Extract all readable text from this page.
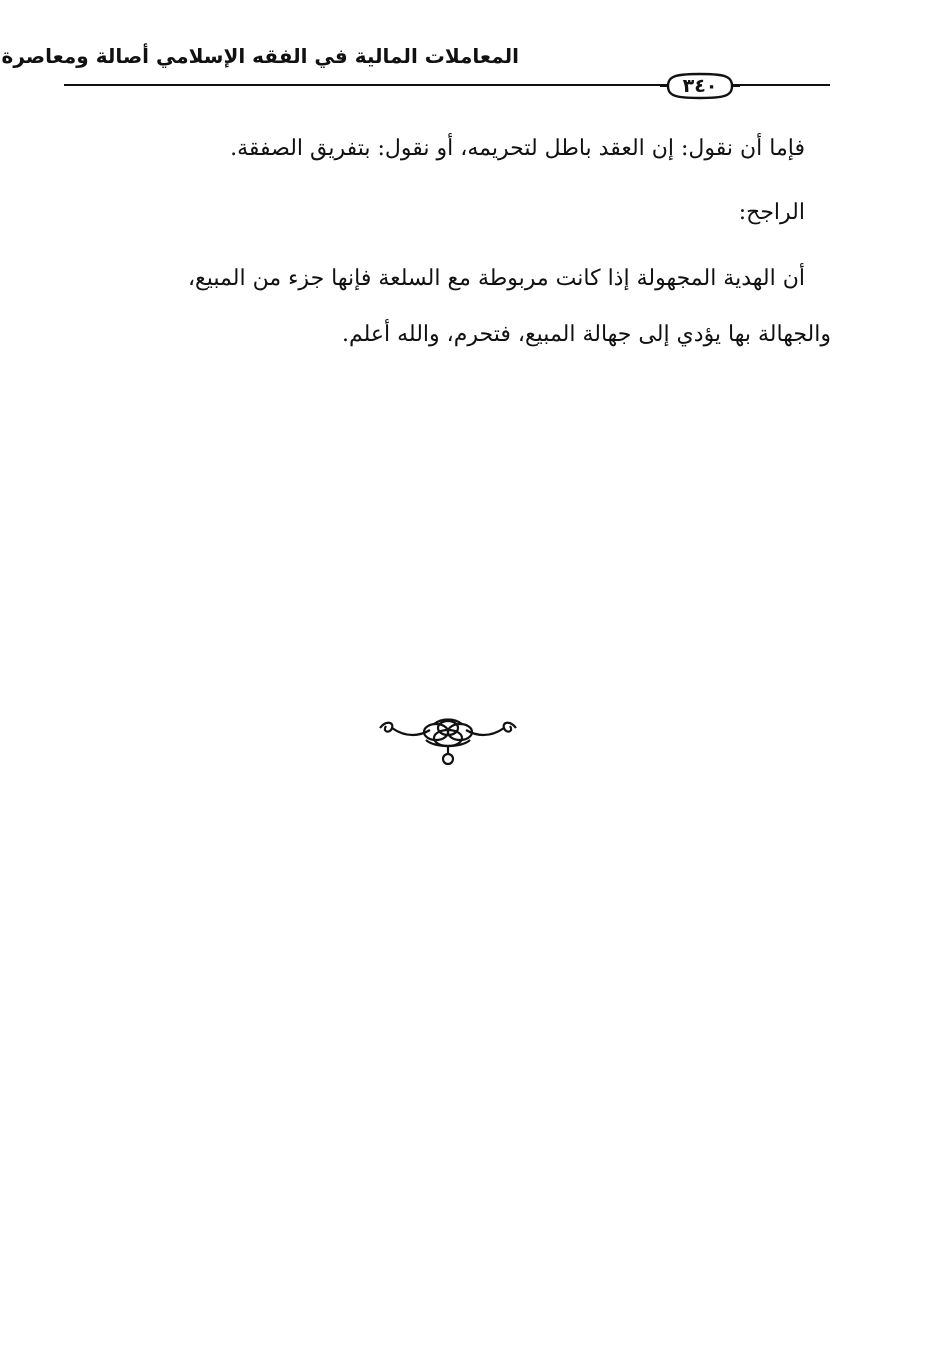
المعاملات المالية في الفقه الإسلامي أصالة ومعاصرة
٣٤٠
فإما أن نقول: إن العقد باطل لتحريمه، أو نقول: بتفريق الصفقة.
الراجح:
أن الهدية المجهولة إذا كانت مربوطة مع السلعة فإنها جزء من المبيع،
والجهالة بها يؤدي إلى جهالة المبيع، فتحرم، والله أعلم.
